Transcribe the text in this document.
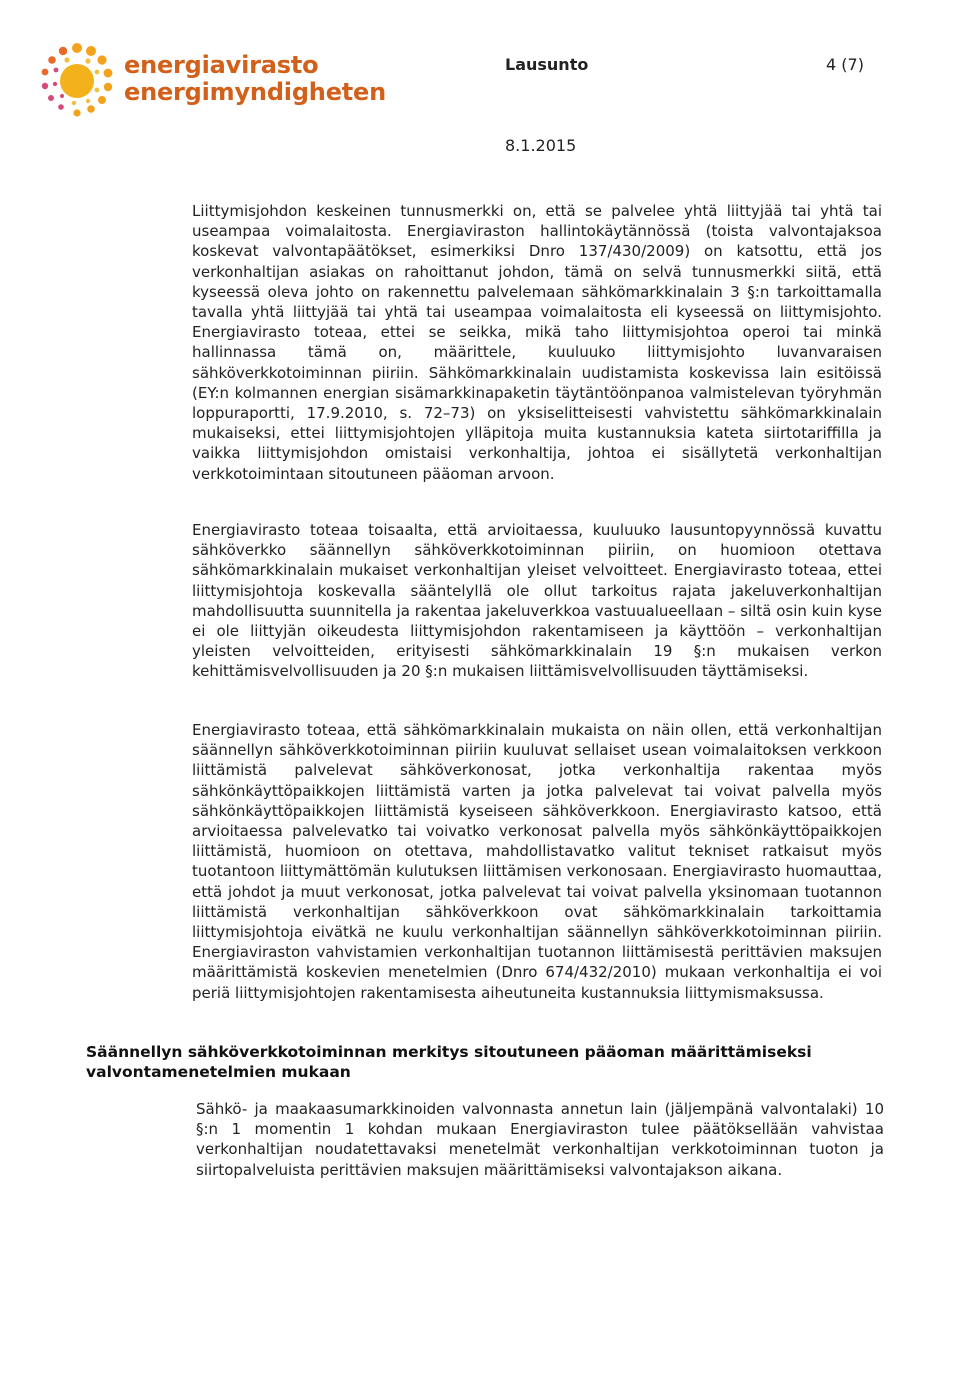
energiavirasto
energimyndigheten
Lausunto	4 (7)
8.1.2015
Liittymisjohdon keskeinen tunnusmerkki on, että se palvelee yhtä liittyjää tai yhtä tai useampaa voimalaitosta. Energiaviraston hallintokäytännössä (toista valvontajaksoa koskevat valvontapäätökset, esimerkiksi Dnro 137/430/2009) on katsottu, että jos verkonhaltijan asiakas on rahoittanut johdon, tämä on selvä tunnusmerkki siitä, että kyseessä oleva johto on rakennettu palvelemaan sähkömarkkinalain 3 §:n tarkoittamalla tavalla yhtä liittyjää tai yhtä tai useampaa voimalaitosta eli kyseessä on liittymisjohto. Energiavirasto toteaa, ettei se seikka, mikä taho liittymisjohtoa operoi tai minkä hallinnassa tämä on, määrittele, kuuluuko liittymisjohto luvanvaraisen sähköverkkotoiminnan piiriin. Sähkömarkkinalain uudistamista koskevissa lain esitöissä (EY:n kolmannen energian sisämarkkinapaketin täytäntöönpanoa valmistelevan työryhmän loppuraportti, 17.9.2010, s. 72–73) on yksiselitteisesti vahvistettu sähkömarkkinalain mukaiseksi, ettei liittymisjohtojen ylläpitoja muita kustannuksia kateta siirtotariffilla ja vaikka liittymisjohdon omistaisi verkonhaltija, johtoa ei sisällytetä verkonhaltijan verkkotoimintaan sitoutuneen pääoman arvoon.
Energiavirasto toteaa toisaalta, että arvioitaessa, kuuluuko lausuntopyynnössä kuvattu sähköverkko säännellyn sähköverkkotoiminnan piiriin, on huomioon otettava sähkömarkkinalain mukaiset verkonhaltijan yleiset velvoitteet. Energiavirasto toteaa, ettei liittymisjohtoja koskevalla sääntelyllä ole ollut tarkoitus rajata jakeluverkonhaltijan mahdollisuutta suunnitella ja rakentaa jakeluverkkoa vastuualueellaan – siltä osin kuin kyse ei ole liittyjän oikeudesta liittymisjohdon rakentamiseen ja käyttöön – verkonhaltijan yleisten velvoitteiden, erityisesti sähkömarkkinalain 19 §:n mukaisen verkon kehittämisvelvollisuuden ja 20 §:n mukaisen liittämisvelvollisuuden täyttämiseksi.
Energiavirasto toteaa, että sähkömarkkinalain mukaista on näin ollen, että verkonhaltijan säännellyn sähköverkkotoiminnan piiriin kuuluvat sellaiset usean voimalaitoksen verkkoon liittämistä palvelevat sähköverkonosat, jotka verkonhaltija rakentaa myös sähkönkäyttöpaikkojen liittämistä varten ja jotka palvelevat tai voivat palvella myös sähkönkäyttöpaikkojen liittämistä kyseiseen sähköverkkoon. Energiavirasto katsoo, että arvioitaessa palvelevatko tai voivatko verkonosat palvella myös sähkönkäyttöpaikkojen liittämistä, huomioon on otettava, mahdollistavatko valitut tekniset ratkaisut myös tuotantoon liittymättömän kulutuksen liittämisen verkonosaan. Energiavirasto huomauttaa, että johdot ja muut verkonosat, jotka palvelevat tai voivat palvella yksinomaan tuotannon liittämistä verkonhaltijan sähköverkkoon ovat sähkömarkkinalain tarkoittamia liittymisjohtoja eivätkä ne kuulu verkonhaltijan säännellyn sähköverkkotoiminnan piiriin. Energiaviraston vahvistamien verkonhaltijan tuotannon liittämisestä perittävien maksujen määrittämistä koskevien menetelmien (Dnro 674/432/2010) mukaan verkonhaltija ei voi periä liittymisjohtojen rakentamisesta aiheutuneita kustannuksia liittymismaksussa.
Säännellyn sähköverkkotoiminnan merkitys sitoutuneen pääoman määrittämiseksi valvontamenetelmien mukaan
Sähkö- ja maakaasumarkkinoiden valvonnasta annetun lain (jäljempänä valvontalaki) 10 §:n 1 momentin 1 kohdan mukaan Energiaviraston tulee päätöksellään vahvistaa verkonhaltijan noudatettavaksi menetelmät verkonhaltijan verkkotoiminnan tuoton ja siirtopalveluista perittävien maksujen määrittämiseksi valvontajakson aikana.
